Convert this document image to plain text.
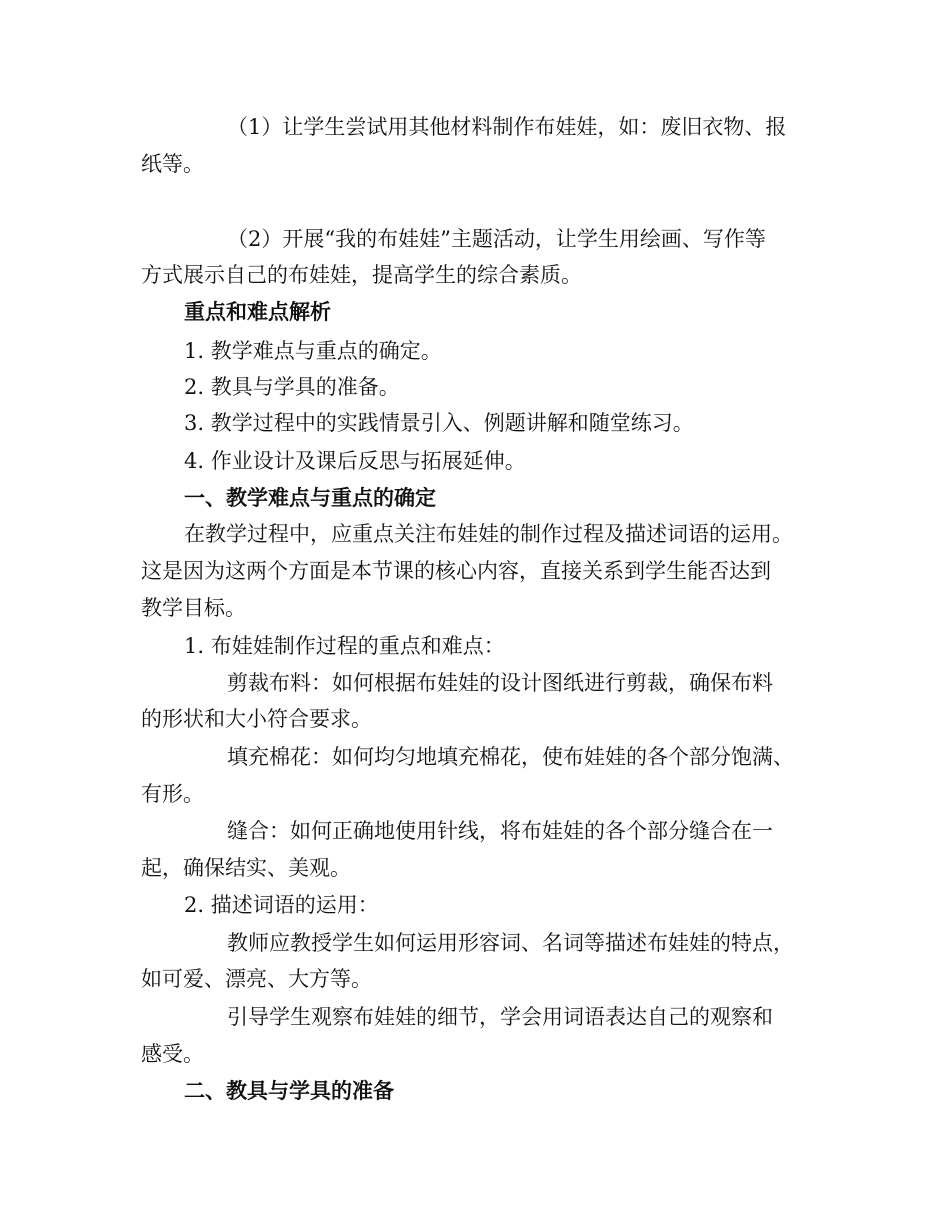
（1）让学生尝试用其他材料制作布娃娃，如：废旧衣物、报
纸等。
（2）开展“我的布娃娃”主题活动，让学生用绘画、写作等
方式展示自己的布娃娃，提高学生的综合素质。
重点和难点解析
1. 教学难点与重点的确定。
2. 教具与学具的准备。
3. 教学过程中的实践情景引入、例题讲解和随堂练习。
4. 作业设计及课后反思与拓展延伸。
一、教学难点与重点的确定
在教学过程中，应重点关注布娃娃的制作过程及描述词语的运用。
这是因为这两个方面是本节课的核心内容，直接关系到学生能否达到
教学目标。
1. 布娃娃制作过程的重点和难点：
剪裁布料：如何根据布娃娃的设计图纸进行剪裁，确保布料
的形状和大小符合要求。
填充棉花：如何均匀地填充棉花，使布娃娃的各个部分饱满、
有形。
缝合：如何正确地使用针线，将布娃娃的各个部分缝合在一
起，确保结实、美观。
2. 描述词语的运用：
教师应教授学生如何运用形容词、名词等描述布娃娃的特点，
如可爱、漂亮、大方等。
引导学生观察布娃娃的细节，学会用词语表达自己的观察和
感受。
二、教具与学具的准备
